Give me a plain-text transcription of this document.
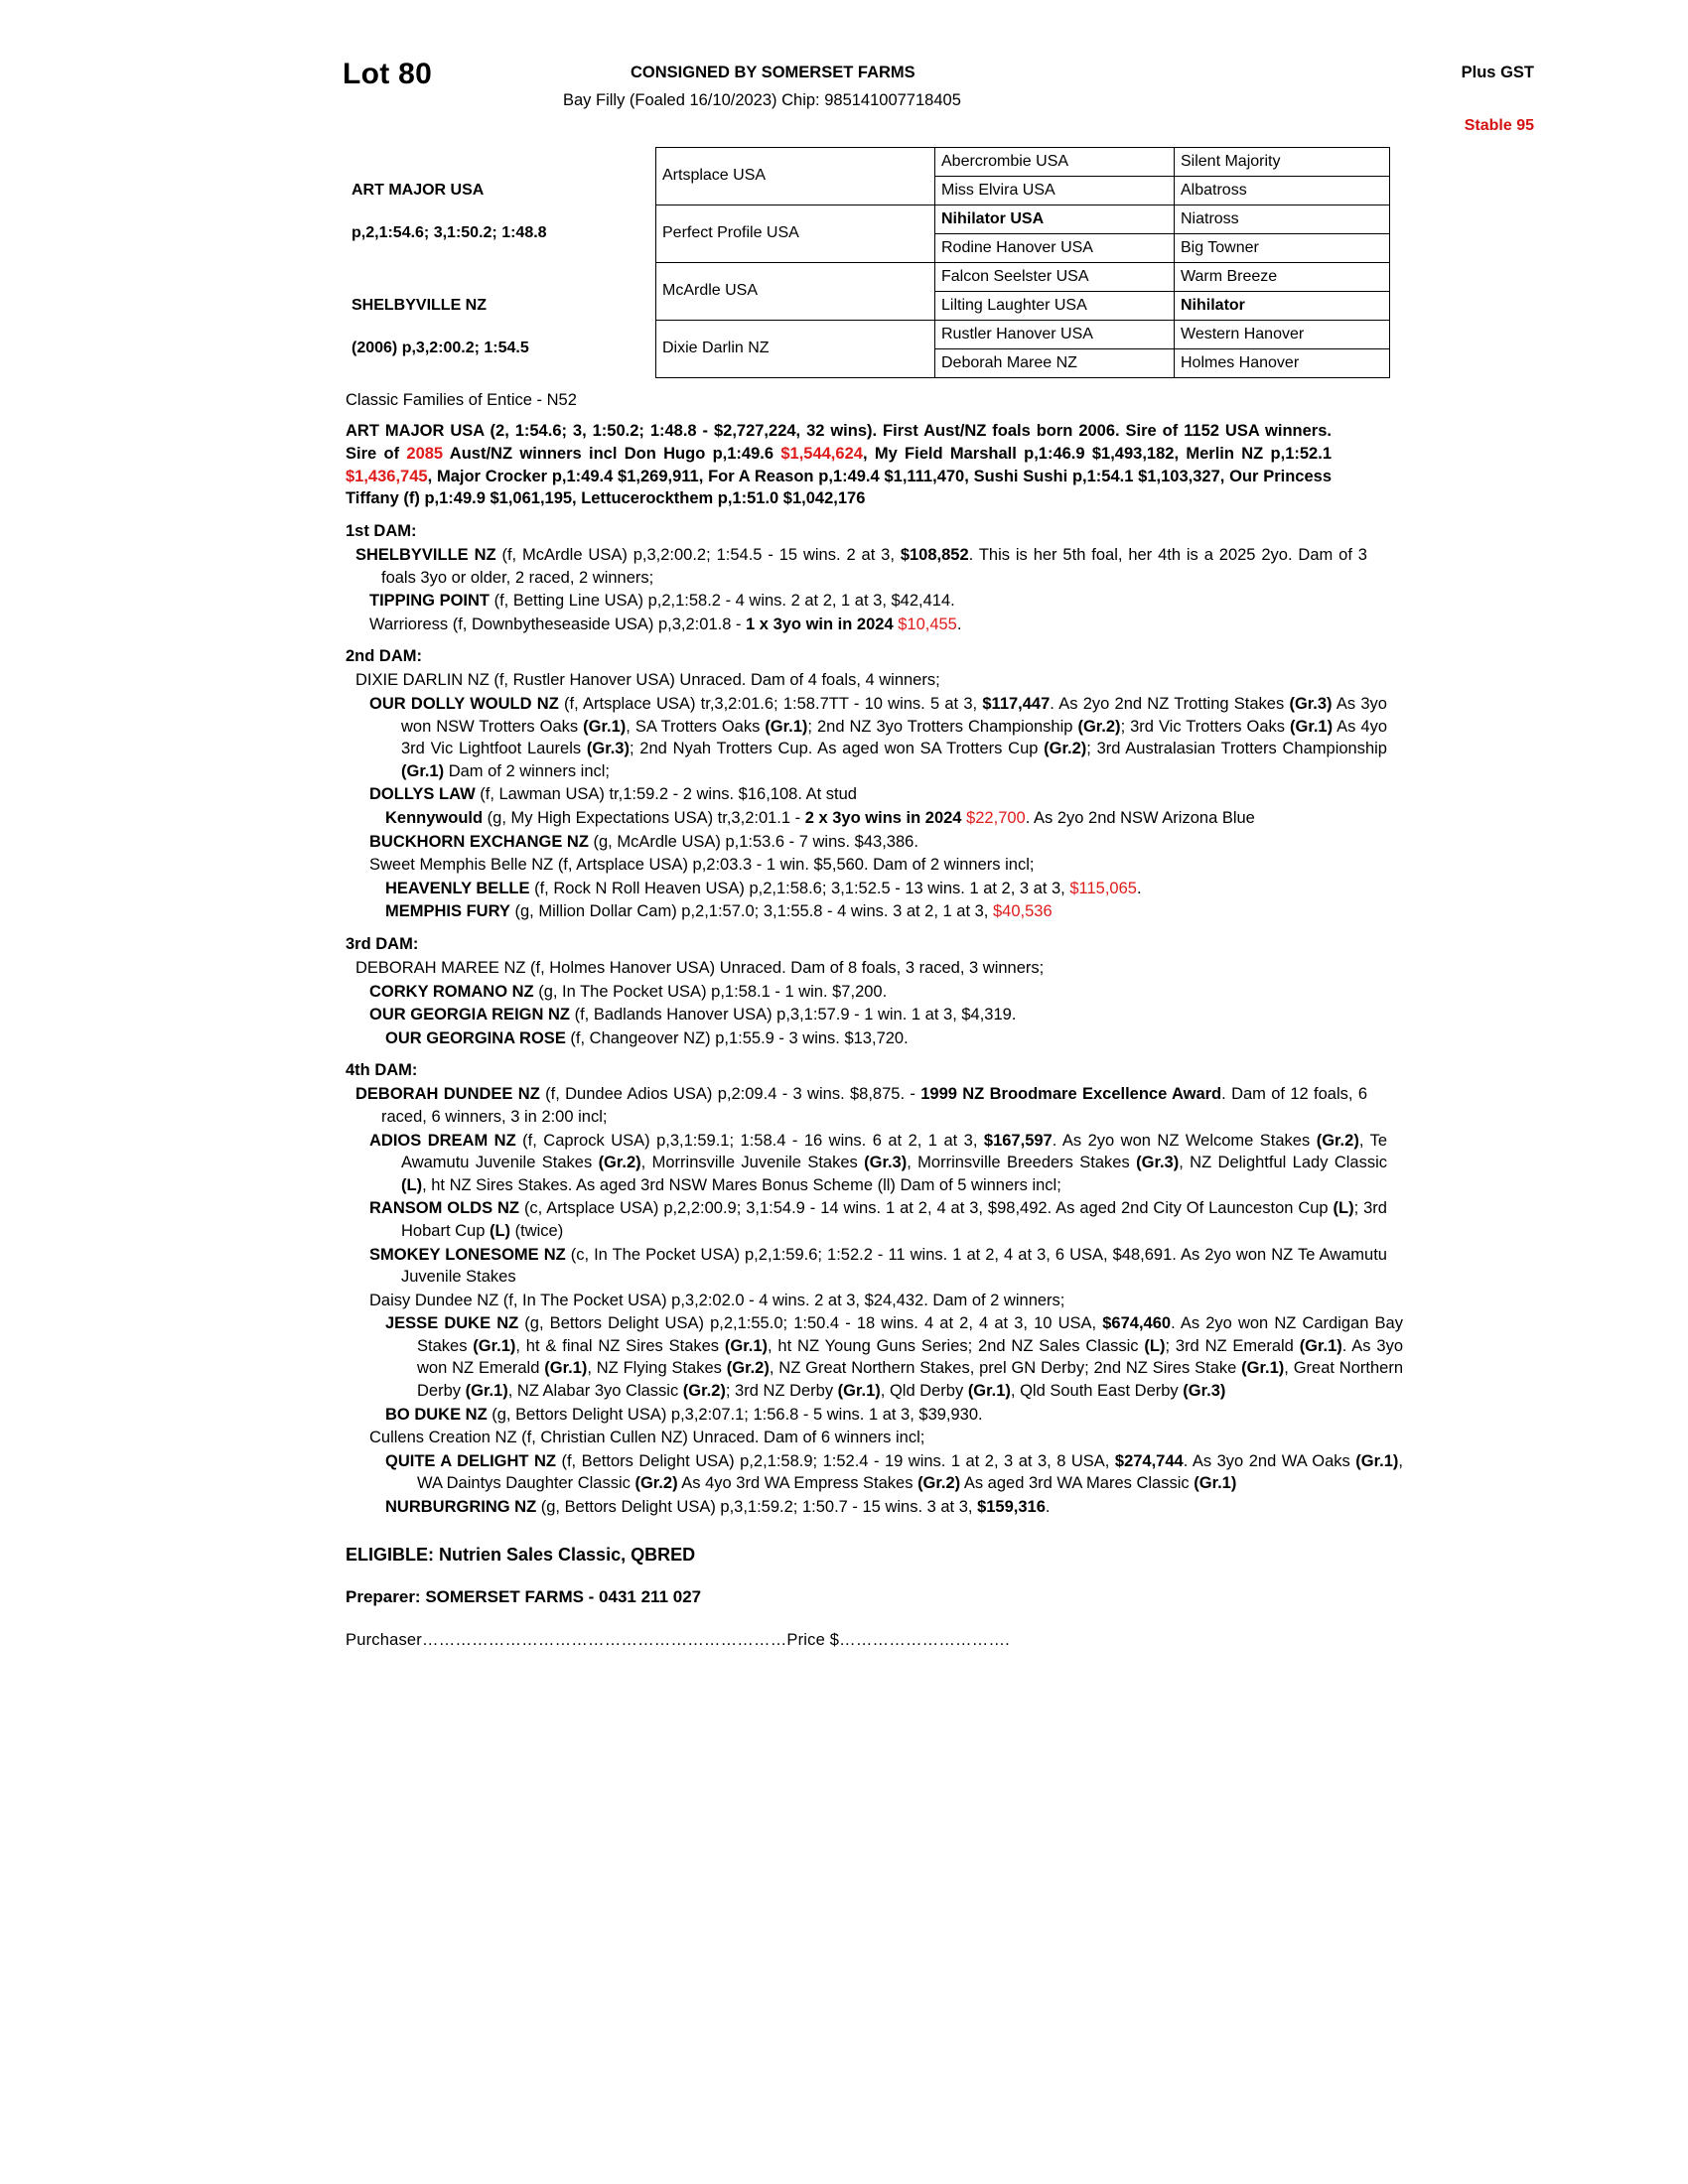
Lot 80	CONSIGNED BY SOMERSET FARMS	Plus GST
Bay Filly (Foaled 16/10/2023) Chip: 985141007718405
Stable 95
	Artsplace USA	Abercrombie USA	Silent Majority
ART MAJOR USA		Miss Elvira USA	Albatross
p,2,1:54.6; 3,1:50.2; 1:48.8	Perfect Profile USA	Nihilator USA	Niatross
		Rodine Hanover USA	Big Towner
	McArdle USA	Falcon Seelster USA	Warm Breeze
SHELBYVILLE NZ		Lilting Laughter USA	Nihilator
(2006) p,3,2:00.2; 1:54.5	Dixie Darlin NZ	Rustler Hanover USA	Western Hanover
		Deborah Maree NZ	Holmes Hanover
Classic Families of Entice - N52
ART MAJOR USA (2, 1:54.6; 3, 1:50.2; 1:48.8 - $2,727,224, 32 wins). First Aust/NZ foals born 2006. Sire of 1152 USA winners. Sire of 2085 Aust/NZ winners incl Don Hugo p,1:49.6 $1,544,624, My Field Marshall p,1:46.9 $1,493,182, Merlin NZ p,1:52.1 $1,436,745, Major Crocker p,1:49.4 $1,269,911, For A Reason p,1:49.4 $1,111,470, Sushi Sushi p,1:54.1 $1,103,327, Our Princess Tiffany (f) p,1:49.9 $1,061,195, Lettucerockthem p,1:51.0 $1,042,176
1st DAM:
SHELBYVILLE NZ (f, McArdle USA) p,3,2:00.2; 1:54.5 - 15 wins. 2 at 3, $108,852. This is her 5th foal, her 4th is a 2025 2yo. Dam of 3 foals 3yo or older, 2 raced, 2 winners;
TIPPING POINT (f, Betting Line USA) p,2,1:58.2 - 4 wins. 2 at 2, 1 at 3, $42,414.
Warrioress (f, Downbytheseaside USA) p,3,2:01.8 - 1 x 3yo win in 2024 $10,455.
2nd DAM:
DIXIE DARLIN NZ (f, Rustler Hanover USA) Unraced. Dam of 4 foals, 4 winners;
OUR DOLLY WOULD NZ (f, Artsplace USA) tr,3,2:01.6; 1:58.7TT - 10 wins. 5 at 3, $117,447. As 2yo 2nd NZ Trotting Stakes (Gr.3) As 3yo won NSW Trotters Oaks (Gr.1), SA Trotters Oaks (Gr.1); 2nd NZ 3yo Trotters Championship (Gr.2); 3rd Vic Trotters Oaks (Gr.1) As 4yo 3rd Vic Lightfoot Laurels (Gr.3); 2nd Nyah Trotters Cup. As aged won SA Trotters Cup (Gr.2); 3rd Australasian Trotters Championship (Gr.1) Dam of 2 winners incl;
DOLLYS LAW (f, Lawman USA) tr,1:59.2 - 2 wins. $16,108. At stud
Kennywould (g, My High Expectations USA) tr,3,2:01.1 - 2 x 3yo wins in 2024 $22,700. As 2yo 2nd NSW Arizona Blue
BUCKHORN EXCHANGE NZ (g, McArdle USA) p,1:53.6 - 7 wins. $43,386.
Sweet Memphis Belle NZ (f, Artsplace USA) p,2:03.3 - 1 win. $5,560. Dam of 2 winners incl;
HEAVENLY BELLE (f, Rock N Roll Heaven USA) p,2,1:58.6; 3,1:52.5 - 13 wins. 1 at 2, 3 at 3, $115,065.
MEMPHIS FURY (g, Million Dollar Cam) p,2,1:57.0; 3,1:55.8 - 4 wins. 3 at 2, 1 at 3, $40,536
3rd DAM:
DEBORAH MAREE NZ (f, Holmes Hanover USA) Unraced. Dam of 8 foals, 3 raced, 3 winners;
CORKY ROMANO NZ (g, In The Pocket USA) p,1:58.1 - 1 win. $7,200.
OUR GEORGIA REIGN NZ (f, Badlands Hanover USA) p,3,1:57.9 - 1 win. 1 at 3, $4,319.
OUR GEORGINA ROSE (f, Changeover NZ) p,1:55.9 - 3 wins. $13,720.
4th DAM:
DEBORAH DUNDEE NZ (f, Dundee Adios USA) p,2:09.4 - 3 wins. $8,875. - 1999 NZ Broodmare Excellence Award. Dam of 12 foals, 6 raced, 6 winners, 3 in 2:00 incl;
ADIOS DREAM NZ (f, Caprock USA) p,3,1:59.1; 1:58.4 - 16 wins. 6 at 2, 1 at 3, $167,597. As 2yo won NZ Welcome Stakes (Gr.2), Te Awamutu Juvenile Stakes (Gr.2), Morrinsville Juvenile Stakes (Gr.3), Morrinsville Breeders Stakes (Gr.3), NZ Delightful Lady Classic (L), ht NZ Sires Stakes. As aged 3rd NSW Mares Bonus Scheme (ll) Dam of 5 winners incl;
RANSOM OLDS NZ (c, Artsplace USA) p,2,2:00.9; 3,1:54.9 - 14 wins. 1 at 2, 4 at 3, $98,492. As aged 2nd City Of Launceston Cup (L); 3rd Hobart Cup (L) (twice)
SMOKEY LONESOME NZ (c, In The Pocket USA) p,2,1:59.6; 1:52.2 - 11 wins. 1 at 2, 4 at 3, 6 USA, $48,691. As 2yo won NZ Te Awamutu Juvenile Stakes
Daisy Dundee NZ (f, In The Pocket USA) p,3,2:02.0 - 4 wins. 2 at 3, $24,432. Dam of 2 winners;
JESSE DUKE NZ (g, Bettors Delight USA) p,2,1:55.0; 1:50.4 - 18 wins. 4 at 2, 4 at 3, 10 USA, $674,460. As 2yo won NZ Cardigan Bay Stakes (Gr.1), ht & final NZ Sires Stakes (Gr.1), ht NZ Young Guns Series; 2nd NZ Sales Classic (L); 3rd NZ Emerald (Gr.1). As 3yo won NZ Emerald (Gr.1), NZ Flying Stakes (Gr.2), NZ Great Northern Stakes, prel GN Derby; 2nd NZ Sires Stake (Gr.1), Great Northern Derby (Gr.1), NZ Alabar 3yo Classic (Gr.2); 3rd NZ Derby (Gr.1), Qld Derby (Gr.1), Qld South East Derby (Gr.3)
BO DUKE NZ (g, Bettors Delight USA) p,3,2:07.1; 1:56.8 - 5 wins. 1 at 3, $39,930.
Cullens Creation NZ (f, Christian Cullen NZ) Unraced. Dam of 6 winners incl;
QUITE A DELIGHT NZ (f, Bettors Delight USA) p,2,1:58.9; 1:52.4 - 19 wins. 1 at 2, 3 at 3, 8 USA, $274,744. As 3yo 2nd WA Oaks (Gr.1), WA Daintys Daughter Classic (Gr.2) As 4yo 3rd WA Empress Stakes (Gr.2) As aged 3rd WA Mares Classic (Gr.1)
NURBURGRING NZ (g, Bettors Delight USA) p,3,1:59.2; 1:50.7 - 15 wins. 3 at 3, $159,316.
ELIGIBLE: Nutrien Sales Classic, QBRED
Preparer: SOMERSET FARMS - 0431 211 027
Purchaser…………………………………………………………Price $………………………….
